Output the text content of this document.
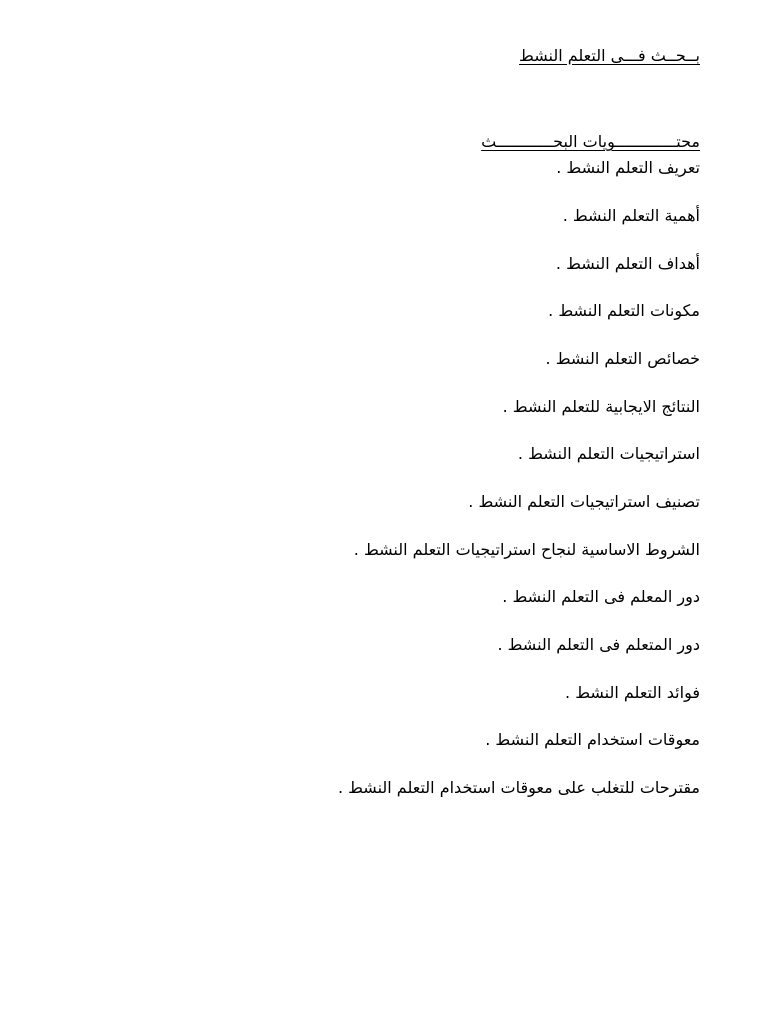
بــحــث فـــى التعلم النشط
محتـــــــــــــويات البحــــــــــــث
تعريف التعلم النشط .
أهمية التعلم النشط .
أهداف التعلم النشط .
مكونات التعلم النشط .
خصائص التعلم النشط .
النتائج الايجابية للتعلم النشط .
استراتيجيات التعلم النشط .
تصنيف استراتيجيات التعلم النشط .
الشروط الاساسية لنجاح استراتيجيات التعلم النشط .
دور المعلم فى التعلم النشط .
دور المتعلم فى التعلم النشط .
فوائد التعلم النشط .
معوقات استخدام التعلم النشط .
مقترحات للتغلب على معوقات استخدام التعلم النشط .
